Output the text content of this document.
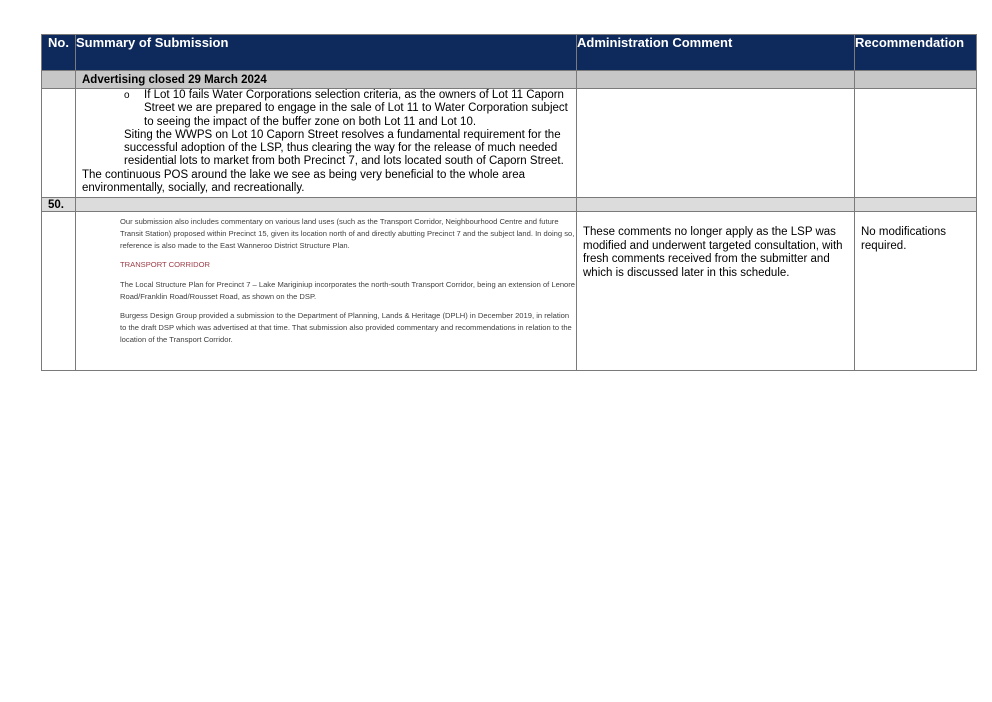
No.	Summary of Submission	Administration Comment	Recommendation
	Advertising closed 29 March 2024		

	o If Lot 10 fails Water Corporations selection criteria, as the owners of Lot 11 Caporn Street we are prepared to engage in the sale of Lot 11 to Water Corporation subject to seeing the impact of the buffer zone on both Lot 11 and Lot 10.
Siting the WWPS on Lot 10 Caporn Street resolves a fundamental requirement for the successful adoption of the LSP, thus clearing the way for the release of much needed residential lots to market from both Precinct 7, and lots located south of Caporn Street.
The continuous POS around the lake we see as being very beneficial to the whole area environmentally, socially, and recreationally.		

50.			

	Our submission also includes commentary on various land uses (such as the Transport Corridor, Neighbourhood Centre and future Transit Station) proposed within Precinct 15, given its location north of and directly abutting Precinct 7 and the subject land. In doing so, reference is also made to the East Wanneroo District Structure Plan.

TRANSPORT CORRIDOR

The Local Structure Plan for Precinct 7 – Lake Mariginiup incorporates the north-south Transport Corridor, being an extension of Lenore Road/Franklin Road/Rousset Road, as shown on the DSP.

Burgess Design Group provided a submission to the Department of Planning, Lands & Heritage (DPLH) in December 2019, in relation to the draft DSP which was advertised at that time. That submission also provided commentary and recommendations in relation to the location of the Transport Corridor.	These comments no longer apply as the LSP was modified and underwent targeted consultation, with fresh comments received from the submitter and which is discussed later in this schedule.	No modifications required.
